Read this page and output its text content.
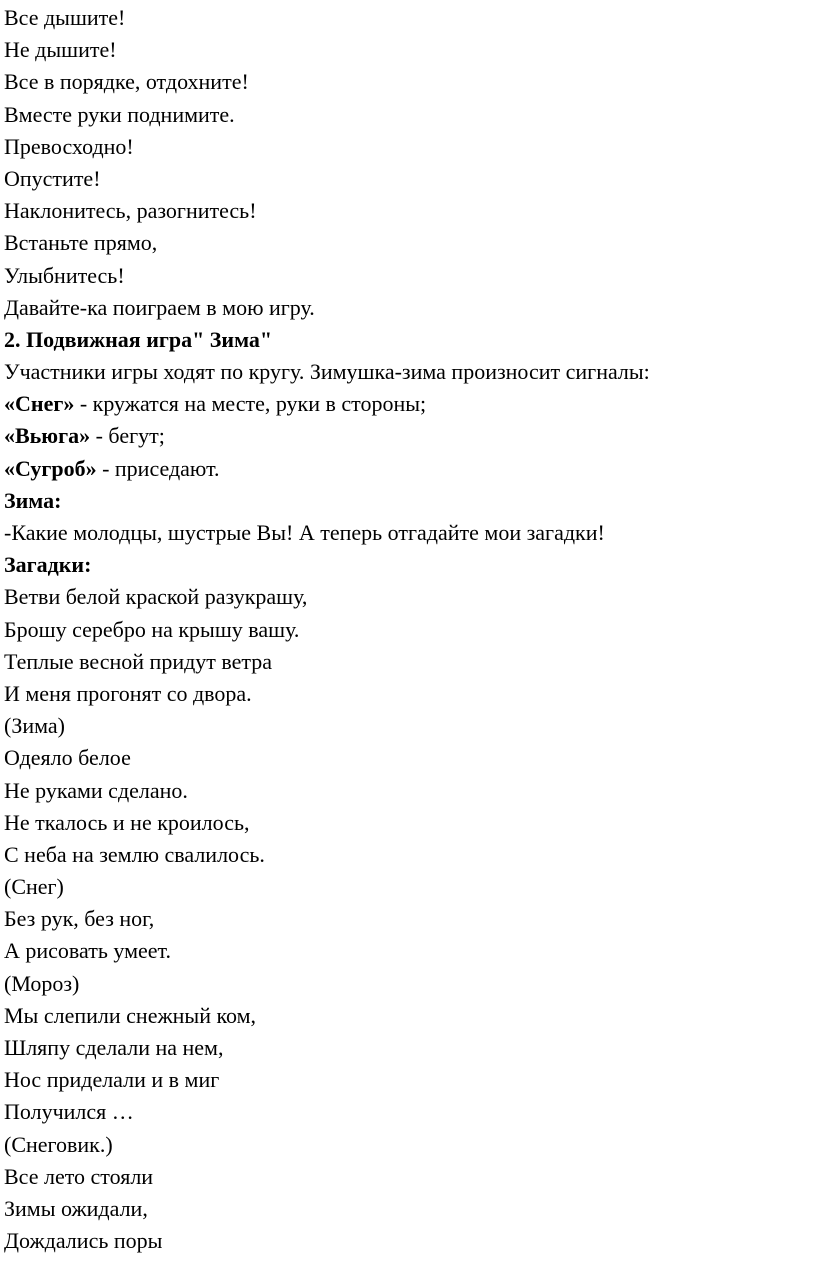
Все дышите!
Не дышите!
Все в порядке, отдохните!
Вместе руки поднимите.
Превосходно!
Опустите!
Наклонитесь, разогнитесь!
Встаньте прямо,
Улыбнитесь!
Давайте-ка поиграем в мою игру.
2. Подвижная игра" Зима"
Участники игры ходят по кругу. Зимушка-зима произносит сигналы:
«Снег» - кружатся на месте, руки в стороны;
«Вьюга» - бегут;
«Сугроб» - приседают.
Зима:
-Какие молодцы, шустрые Вы! А теперь отгадайте мои загадки!
Загадки:
Ветви белой краской разукрашу,
Брошу серебро на крышу вашу.
Теплые весной придут ветра
И меня прогонят со двора.
(Зима)
Одеяло белое
Не руками сделано.
Не ткалось и не кроилось,
С неба на землю свалилось.
(Снег)
Без рук, без ног,
А рисовать умеет.
(Мороз)
Мы слепили снежный ком,
Шляпу сделали на нем,
Нос приделали и в миг
Получился …
(Снеговик.)
Все лето стояли
Зимы ожидали,
Дождались поры
